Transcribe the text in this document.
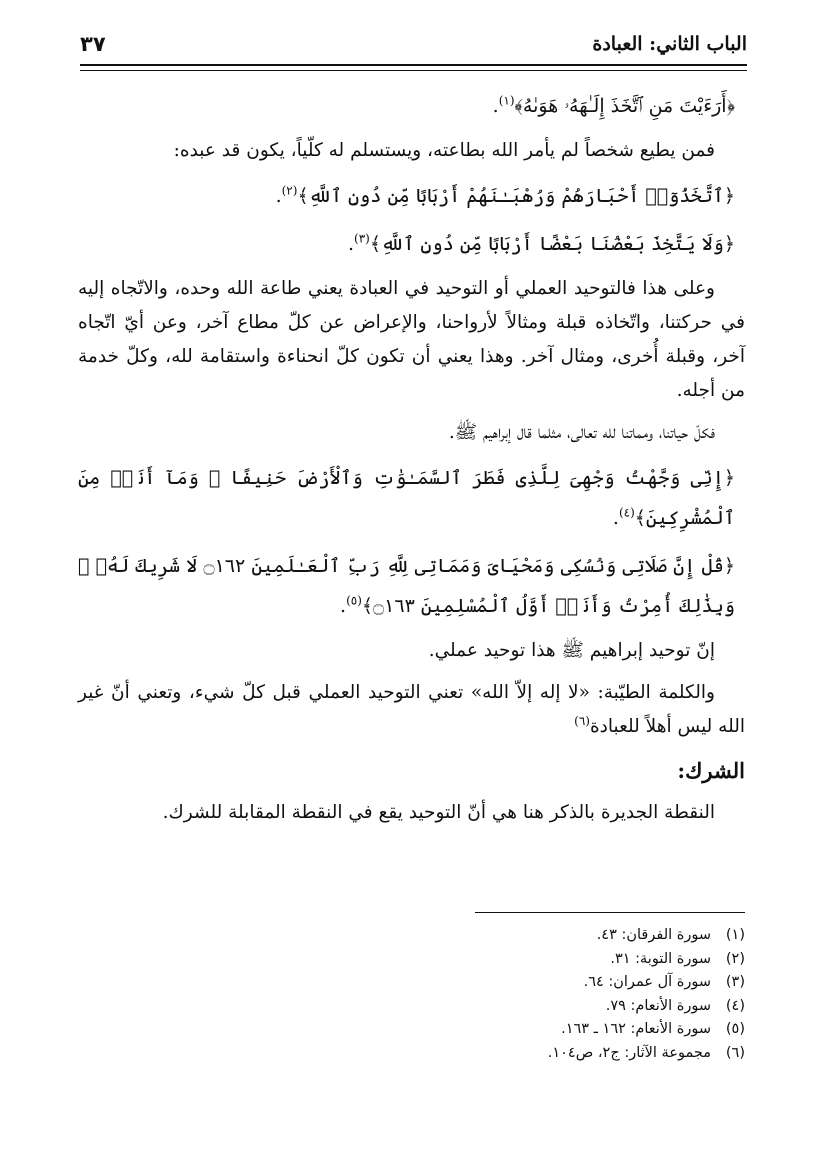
الباب الثاني: العبادة
٣٧

﴿أَرَءَيْتَ مَنِ ٱتَّخَذَ إِلَـٰهَهُۥ هَوَىٰهُ﴾$^{(١)}$.

فمن يطيع شخصاً لم يأمر الله بطاعته، ويستسلم له كلّياً، يكون قد عبده:

﴿ٱتَّخَذُوٓا۟ أَحْبَارَهُمْ وَرُهْبَـٰنَهُمْ أَرْبَابًا مِّن دُونِ ٱللَّهِ﴾$^{(٢)}$.

﴿وَلَا يَتَّخِذَ بَعْضُنَا بَعْضًا أَرْبَابًا مِّن دُونِ ٱللَّهِ﴾$^{(٣)}$.

وعلى هذا فالتوحيد العملي أو التوحيد في العبادة يعني طاعة الله وحده، والاتّجاه إليه في حركتنا، واتّخاذه قبلة ومثالاً لأرواحنا، والإعراض عن كلّ مطاع آخر، وعن أيّ اتّجاه آخر، وقبلة أُخرى، ومثال آخر. وهذا يعني أن تكون كلّ انحناءة واستقامة لله، وكلّ خدمة من أجله.

فكلّ حياتنا، ومماتنا لله تعالى، مثلما قال إبراهيم ﷺ.

﴿إِنِّى وَجَّهْتُ وَجْهِىَ لِلَّذِى فَطَرَ ٱلسَّمَـٰوَٰتِ وَٱلْأَرْضَ حَنِيفًا ۖ وَمَآ أَنَا۠ مِنَ ٱلْمُشْرِكِينَ﴾$^{(٤)}$.

﴿قُلْ إِنَّ صَلَاتِى وَنُسُكِى وَمَحْيَاىَ وَمَمَاتِى لِلَّهِ رَبِّ ٱلْعَـٰلَمِينَ ۝١٦٢ لَا شَرِيكَ لَهُۥ ۖ وَبِذَٰلِكَ أُمِرْتُ وَأَنَا۠ أَوَّلُ ٱلْمُسْلِمِينَ ۝١٦٣﴾$^{(٥)}$.

إنّ توحيد إبراهيم ﷺ هذا توحيد عملي.

والكلمة الطيّبة: «لا إله إلاّ الله» تعني التوحيد العملي قبل كلّ شيء، وتعني أنّ غير الله ليس أهلاً للعبادة$^{(٦)}$

الشرك:

النقطة الجديرة بالذكر هنا هي أنّ التوحيد يقع في النقطة المقابلة للشرك.

(١)
سورة الفرقان: ٤٣.
(٢)
سورة التوبة: ٣١.
(٣)
سورة آل عمران: ٦٤.
(٤)
سورة الأنعام: ٧٩.
(٥)
سورة الأنعام: ١٦٢ ـ ١٦٣.
(٦)
مجموعة الآثار: ج٢، ص١٠٤.
